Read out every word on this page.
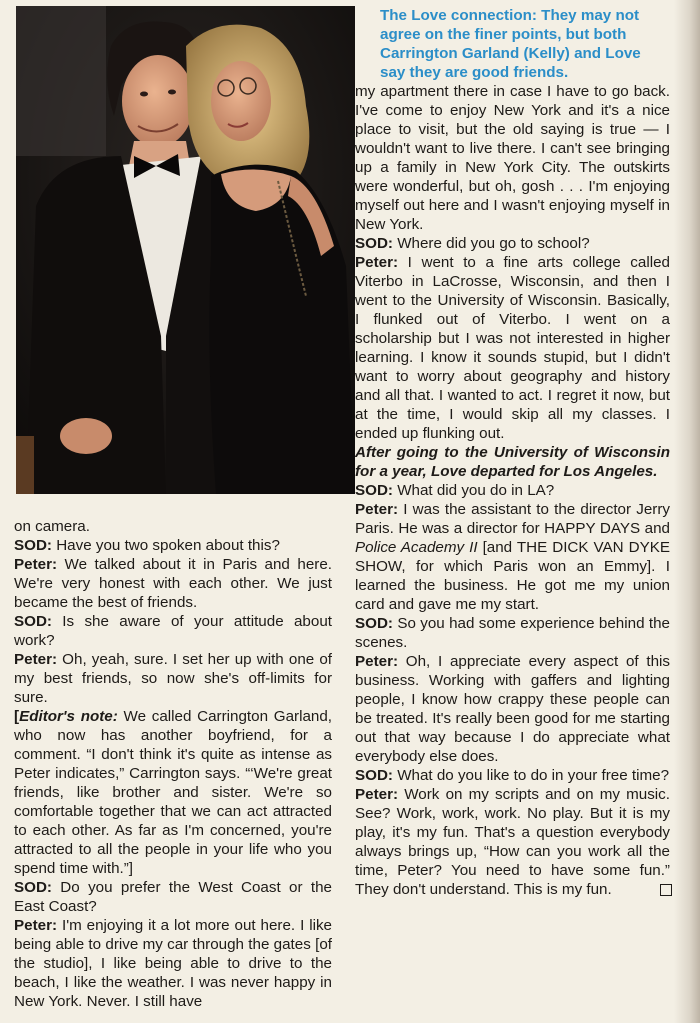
The Love connection: They may not agree on the finer points, but both Carrington Garland (Kelly) and Love say they are good friends.

on camera.

SOD: Have you two spoken about this?

Peter: We talked about it in Paris and here. We're very honest with each other. We just became the best of friends.

SOD: Is she aware of your attitude about work?

Peter: Oh, yeah, sure. I set her up with one of my best friends, so now she's off-limits for sure.

[Editor's note: We called Carrington Garland, who now has another boyfriend, for a comment. “I don't think it's quite as intense as Peter indicates,” Carrington says. “‘We're great friends, like brother and sister. We're so comfortable together that we can act attracted to each other. As far as I'm concerned, you're attracted to all the people in your life who you spend time with.”]

SOD: Do you prefer the West Coast or the East Coast?

Peter: I'm enjoying it a lot more out here. I like being able to drive my car through the gates [of the studio], I like being able to drive to the beach, I like the weather. I was never happy in New York. Never. I still have

my apartment there in case I have to go back. I've come to enjoy New York and it's a nice place to visit, but the old saying is true — I wouldn't want to live there. I can't see bringing up a family in New York City. The outskirts were wonderful, but oh, gosh . . . I'm enjoying myself out here and I wasn't enjoying myself in New York.

SOD: Where did you go to school?

Peter: I went to a fine arts college called Viterbo in LaCrosse, Wisconsin, and then I went to the University of Wisconsin. Basically, I flunked out of Viterbo. I went on a scholarship but I was not interested in higher learning. I know it sounds stupid, but I didn't want to worry about geography and history and all that. I wanted to act. I regret it now, but at the time, I would skip all my classes. I ended up flunking out.

After going to the University of Wisconsin for a year, Love departed for Los Angeles.

SOD: What did you do in LA?

Peter: I was the assistant to the director Jerry Paris. He was a director for HAPPY DAYS and Police Academy II [and THE DICK VAN DYKE SHOW, for which Paris won an Emmy]. I learned the business. He got me my union card and gave me my start.

SOD: So you had some experience behind the scenes.

Peter: Oh, I appreciate every aspect of this business. Working with gaffers and lighting people, I know how crappy these people can be treated. It's really been good for me starting out that way because I do appreciate what everybody else does.

SOD: What do you like to do in your free time?

Peter: Work on my scripts and on my music. See? Work, work, work. No play. But it is my play, it's my fun. That's a question everybody always brings up, “How can you work all the time, Peter? You need to have some fun.” They don't understand. This is my fun.
